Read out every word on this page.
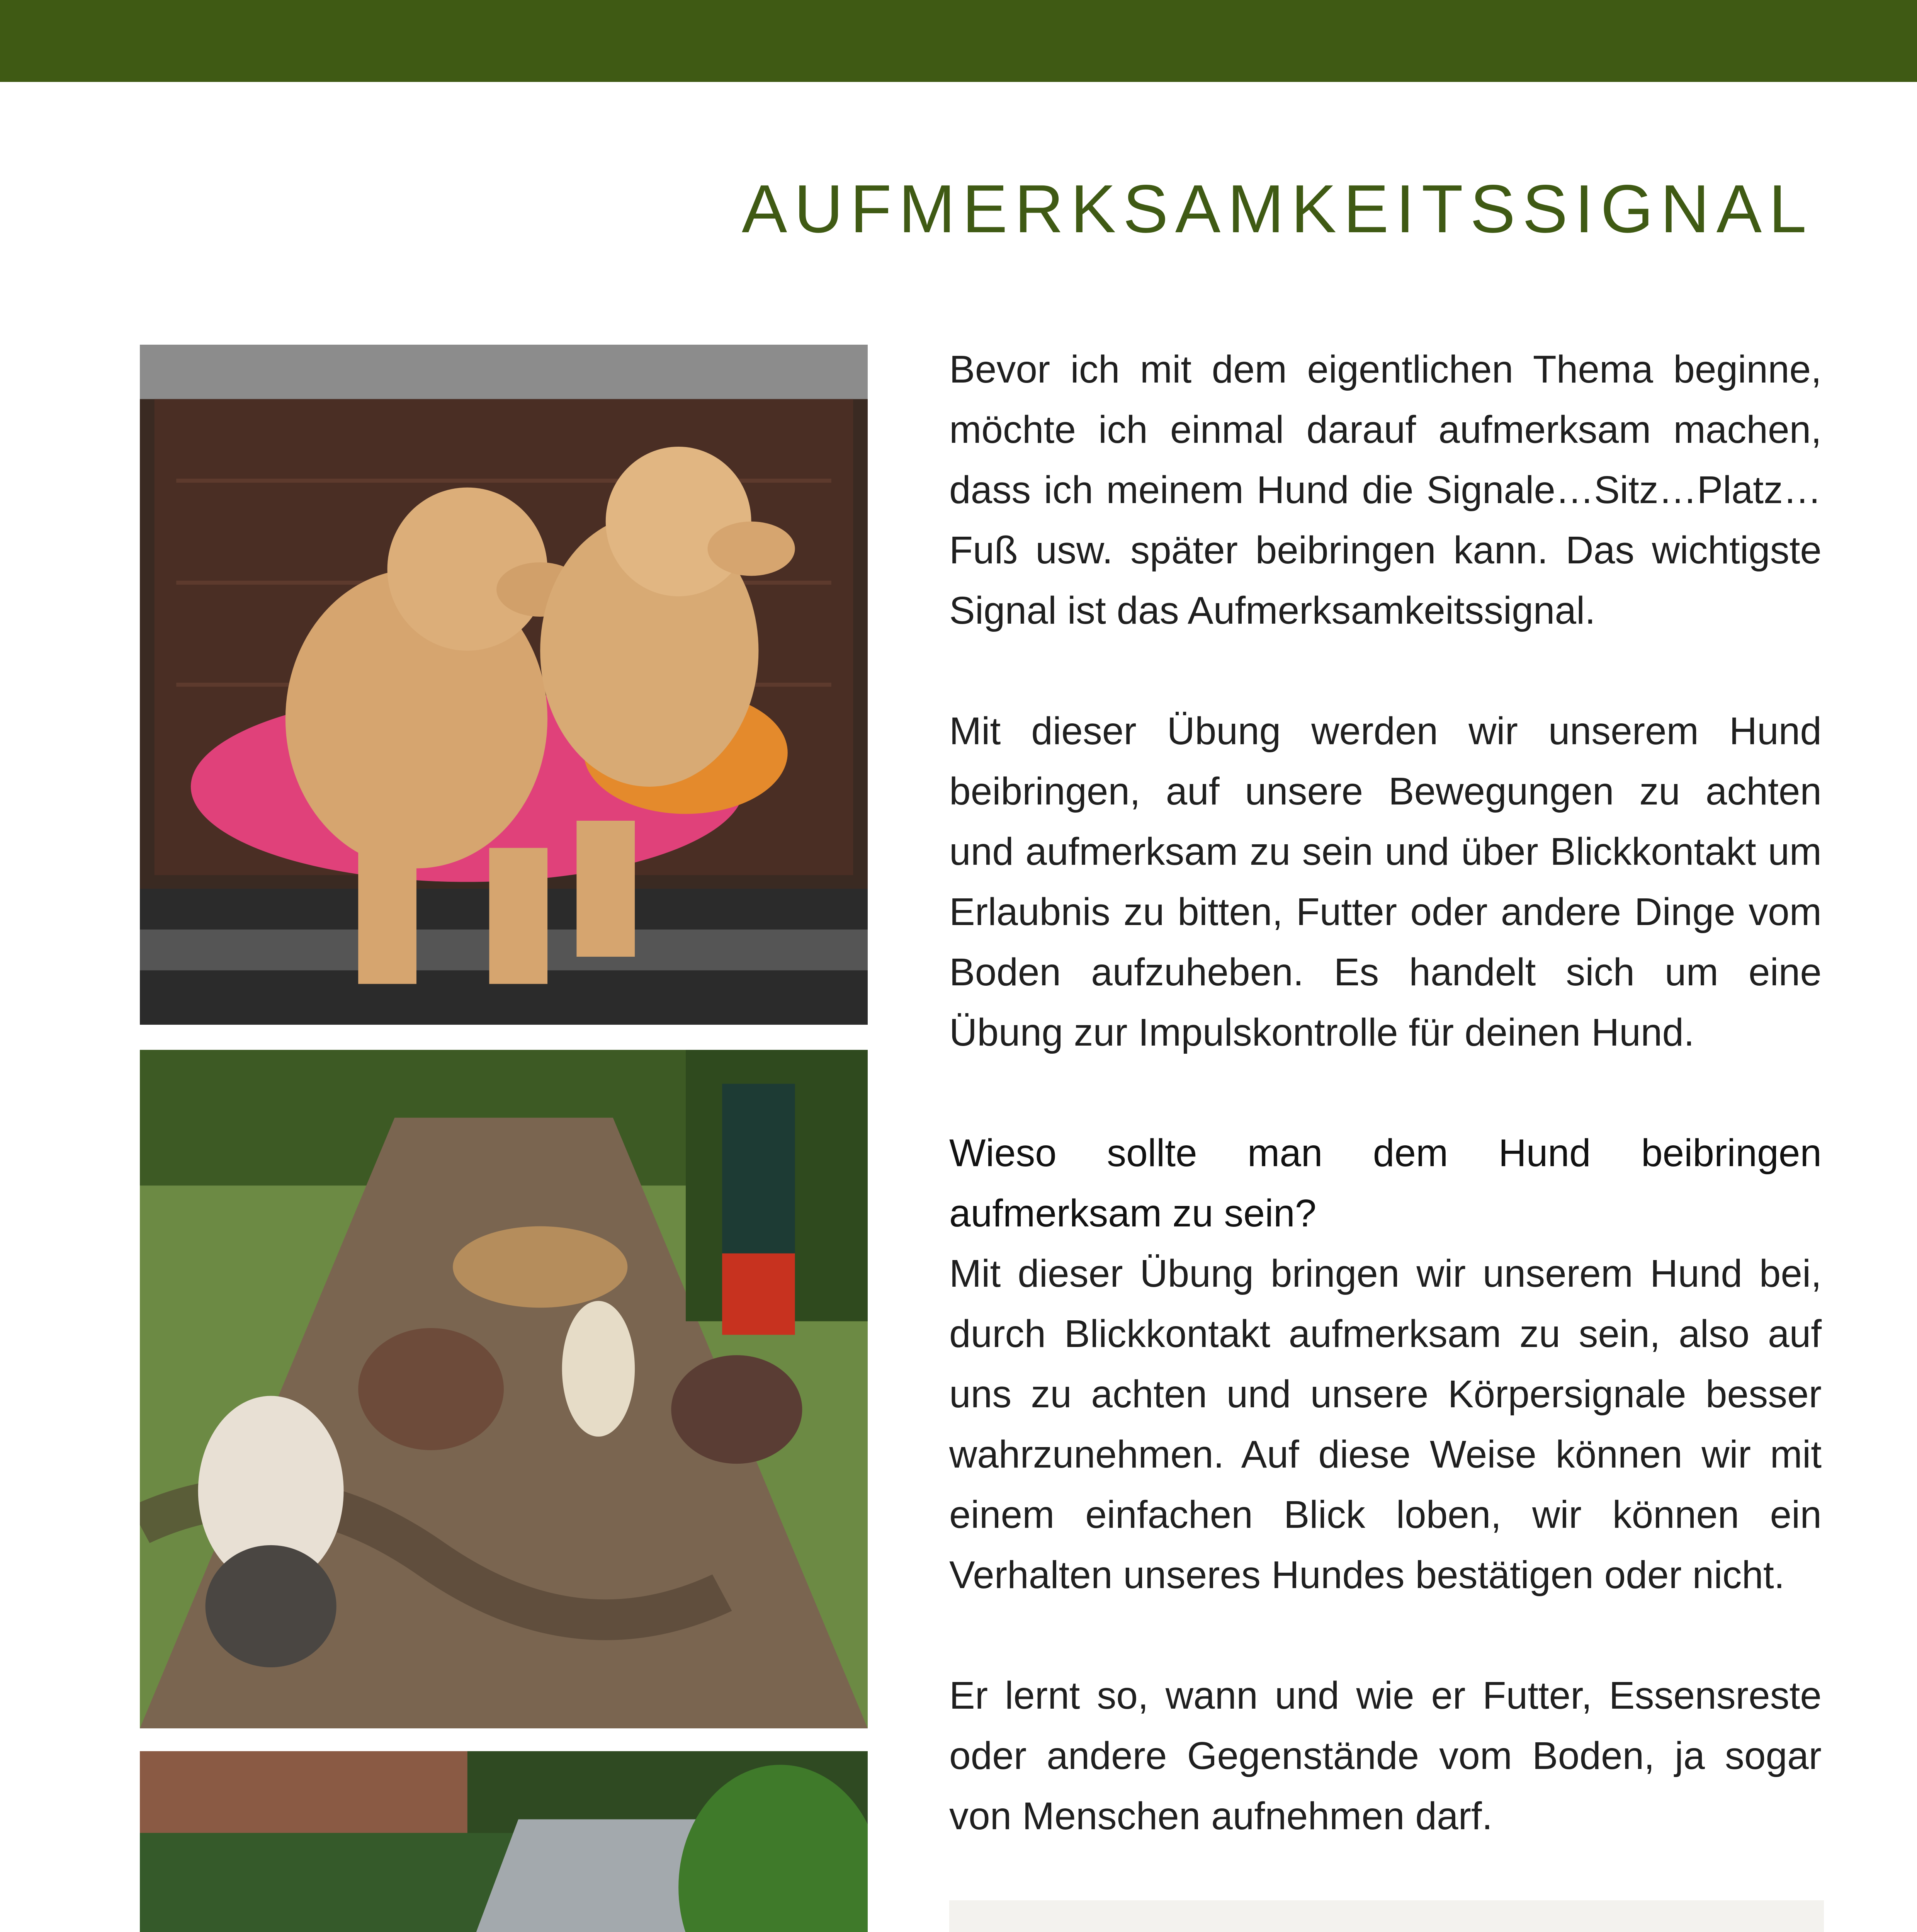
AUFMERKSAMKEITSSIGNAL

Bevor ich mit dem eigentlichen Thema beginne, möchte ich einmal darauf aufmerksam machen, dass ich meinem Hund die Signale…Sitz…Platz… Fuß usw. später beibringen kann. Das wichtigste Signal ist das Aufmerksamkeitssignal.

Mit dieser Übung werden wir unserem Hund beibringen, auf unsere Bewegungen zu achten und aufmerksam zu sein und über Blickkontakt um Erlaubnis zu bitten, Futter oder andere Dinge vom Boden aufzuheben. Es handelt sich um eine Übung zur Impulskontrolle für deinen Hund.

Wieso sollte man dem Hund beibringen aufmerksam zu sein?

Mit dieser Übung bringen wir unserem Hund bei, durch Blickkontakt aufmerksam zu sein, also auf uns zu achten und unsere Körpersignale besser wahrzunehmen. Auf diese Weise können wir mit einem einfachen Blick loben, wir können ein Verhalten unseres Hundes bestätigen oder nicht.

Er lernt so, wann und wie er Futter, Essensreste oder andere Gegenstände vom Boden, ja sogar von Menschen aufnehmen darf.
